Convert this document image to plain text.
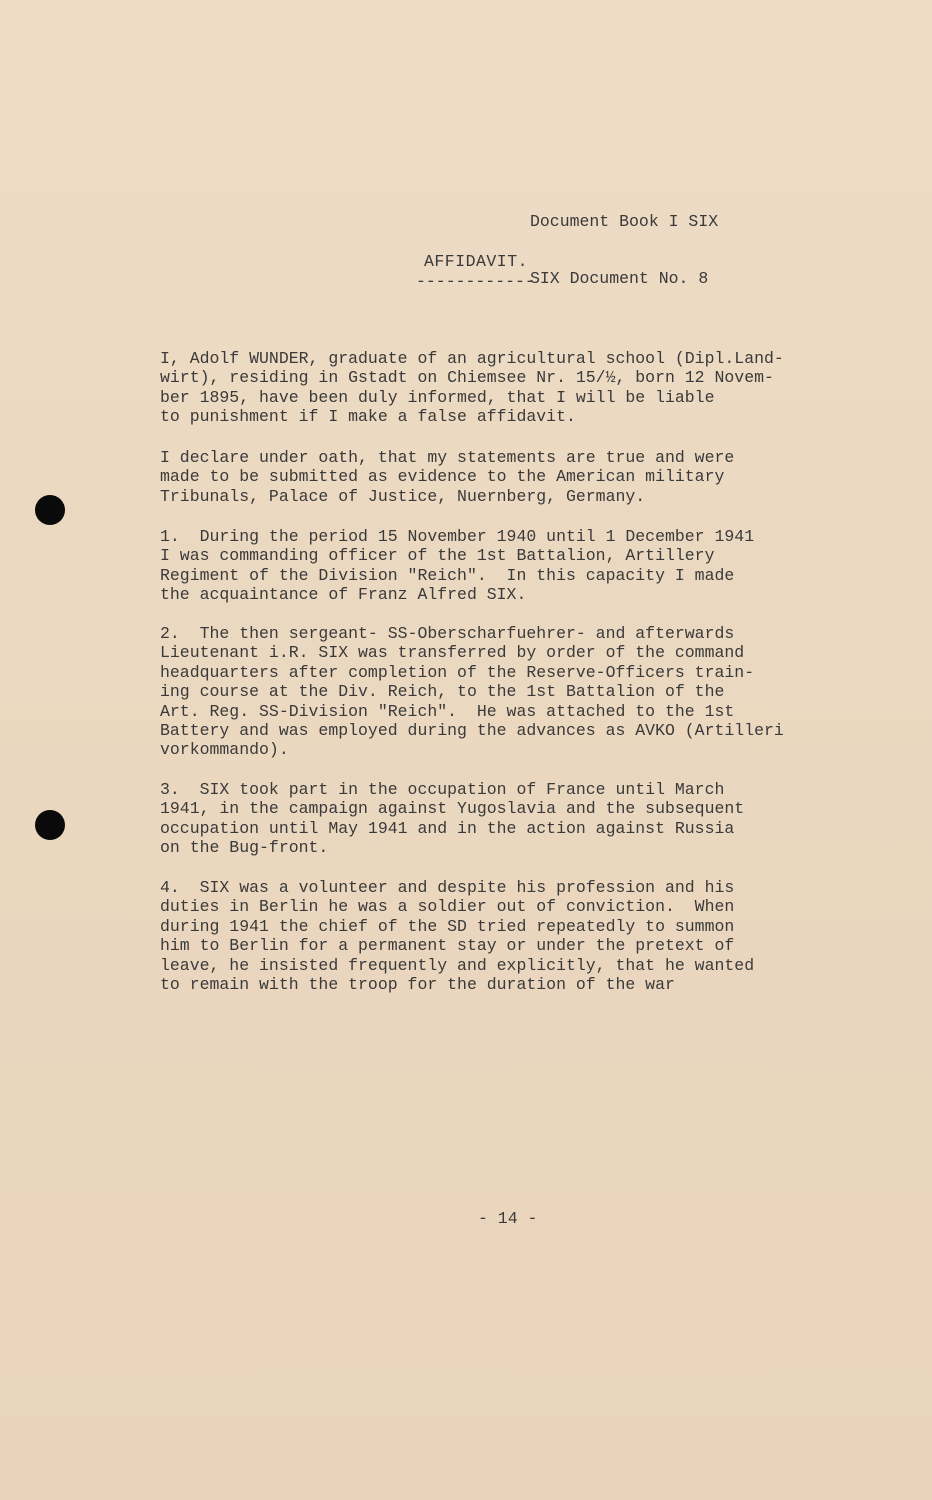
Document Book I SIX

SIX Document No. 8

AFFIDAVIT.
------------
I, Adolf WUNDER, graduate of an agricultural school (Dipl.Land-
wirt), residing in Gstadt on Chiemsee Nr. 15/½, born 12 Novem-
ber 1895, have been duly informed, that I will be liable
to punishment if I make a false affidavit.
I declare under oath, that my statements are true and were
made to be submitted as evidence to the American military
Tribunals, Palace of Justice, Nuernberg, Germany.
1.  During the period 15 November 1940 until 1 December 1941
I was commanding officer of the 1st Battalion, Artillery
Regiment of the Division "Reich".  In this capacity I made
the acquaintance of Franz Alfred SIX.
2.  The then sergeant- SS-Oberscharfuehrer- and afterwards
Lieutenant i.R. SIX was transferred by order of the command
headquarters after completion of the Reserve-Officers train-
ing course at the Div. Reich, to the 1st Battalion of the
Art. Reg. SS-Division "Reich".  He was attached to the 1st
Battery and was employed during the advances as AVKO (Artilleri
vorkommando).
3.  SIX took part in the occupation of France until March
1941, in the campaign against Yugoslavia and the subsequent
occupation until May 1941 and in the action against Russia
on the Bug-front.
4.  SIX was a volunteer and despite his profession and his
duties in Berlin he was a soldier out of conviction.  When
during 1941 the chief of the SD tried repeatedly to summon
him to Berlin for a permanent stay or under the pretext of
leave, he insisted frequently and explicitly, that he wanted
to remain with the troop for the duration of the war
- 14 -
